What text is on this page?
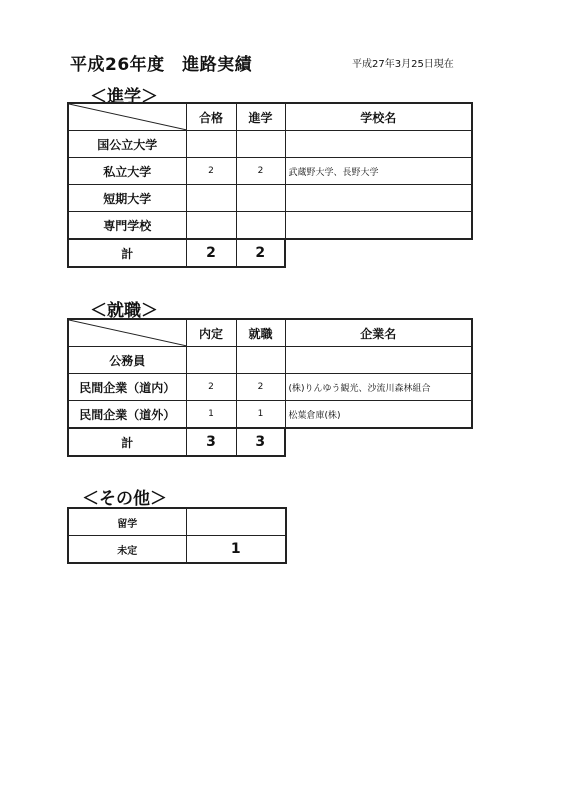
平成26年度　進路実績	平成27年3月25日現在
＜進学＞
	合格	進学	学校名
国公立大学			
私立大学	2	2	武蔵野大学、長野大学
短期大学			
専門学校			
計	2	2	
＜就職＞
	内定	就職	企業名
公務員			
民間企業（道内）	2	2	(株)りんゆう観光、沙流川森林組合
民間企業（道外）	1	1	松葉倉庫(株)
計	3	3	
＜その他＞
留学	
未定	1
